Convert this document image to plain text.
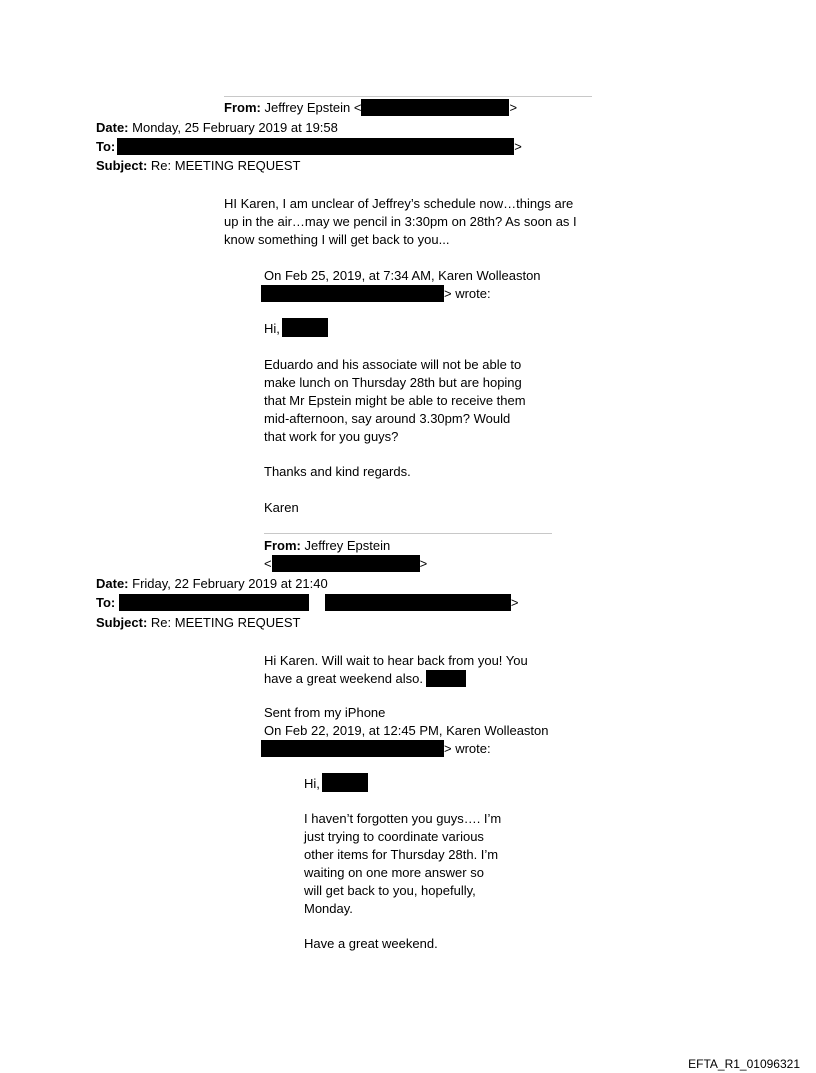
From: Jeffrey Epstein <	>
Date: Monday, 25 February 2019 at 19:58
To:	>
Subject: Re: MEETING REQUEST
HI Karen, I am unclear of Jeffrey’s schedule now…things are
up in the air…may we pencil in 3:30pm on 28th? As soon as I
know something I will get back to you...
On Feb 25, 2019, at 7:34 AM, Karen Wolleaston
> wrote:
Hi,
Eduardo and his associate will not be able to
make lunch on Thursday 28th but are hoping
that Mr Epstein might be able to receive them
mid-afternoon, say around 3.30pm? Would
that work for you guys?
Thanks and kind regards.
Karen
From: Jeffrey Epstein
<	>
Date: Friday, 22 February 2019 at 21:40
To:	>
Subject: Re: MEETING REQUEST
Hi Karen. Will wait to hear back from you! You
have a great weekend also.
Sent from my iPhone
On Feb 22, 2019, at 12:45 PM, Karen Wolleaston
> wrote:
Hi,
I haven’t forgotten you guys…. I’m
just trying to coordinate various
other items for Thursday 28th. I’m
waiting on one more answer so
will get back to you, hopefully,
Monday.
Have a great weekend.
EFTA_R1_01096321
